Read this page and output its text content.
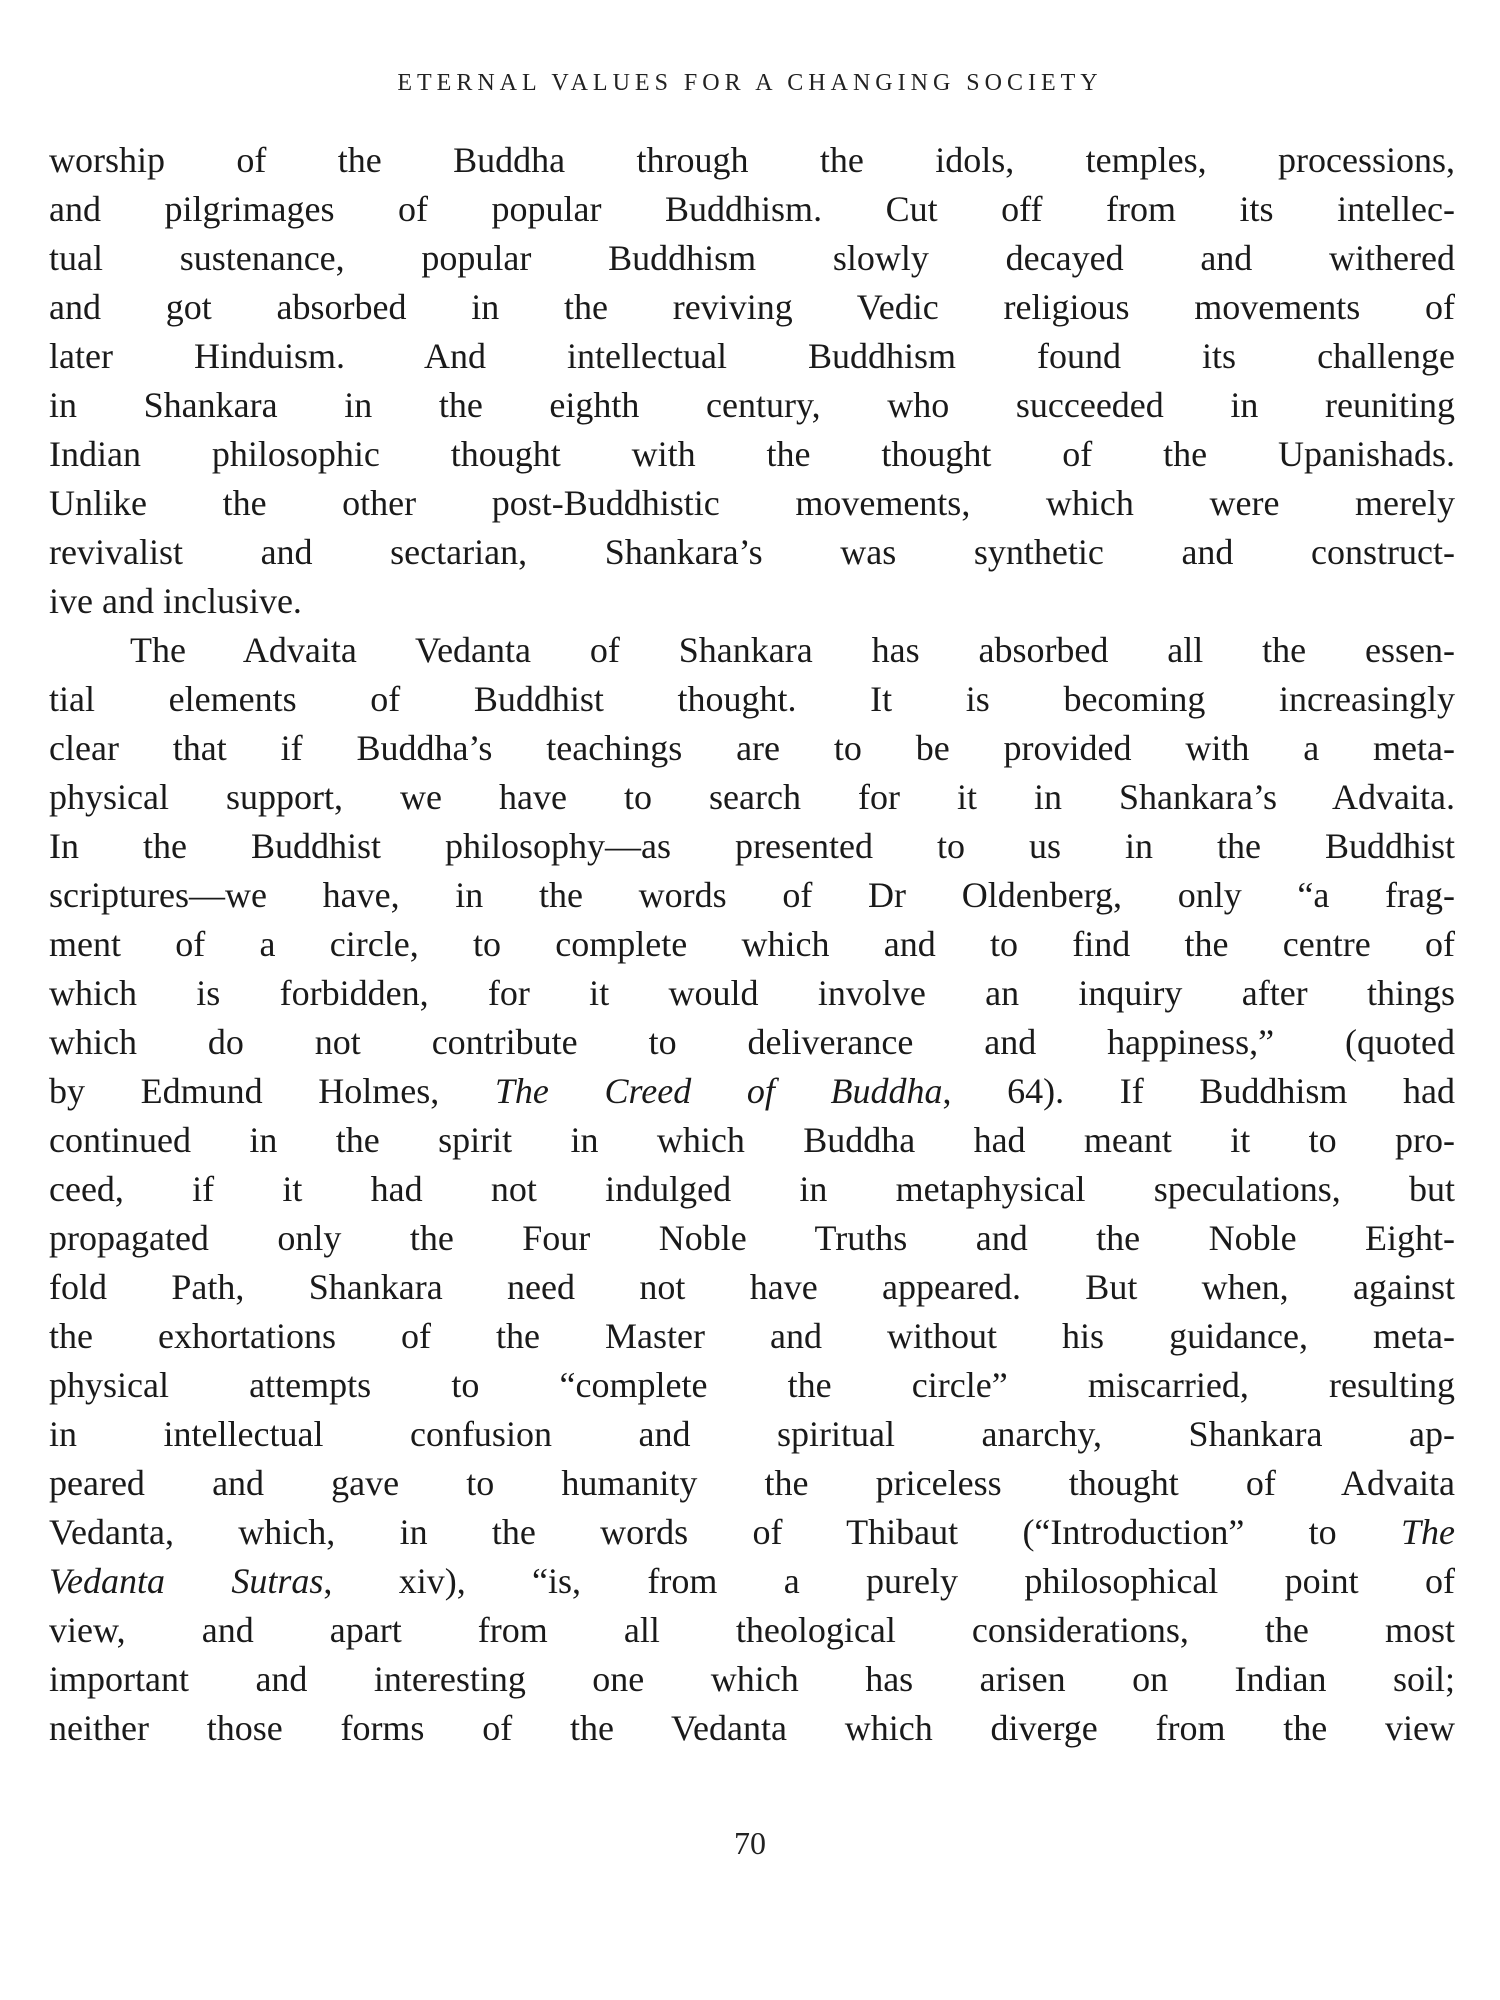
ETERNAL VALUES FOR A CHANGING SOCIETY
worship of the Buddha through the idols, temples, processions,
and pilgrimages of popular Buddhism. Cut off from its intellec-
tual sustenance, popular Buddhism slowly decayed and withered
and got absorbed in the reviving Vedic religious movements of
later Hinduism. And intellectual Buddhism found its challenge
in Shankara in the eighth century, who succeeded in reuniting
Indian philosophic thought with the thought of the Upanishads.
Unlike the other post-Buddhistic movements, which were merely
revivalist and sectarian, Shankara’s was synthetic and construct-
ive and inclusive.
The Advaita Vedanta of Shankara has absorbed all the essen-
tial elements of Buddhist thought. It is becoming increasingly
clear that if Buddha’s teachings are to be provided with a meta-
physical support, we have to search for it in Shankara’s Advaita.
In the Buddhist philosophy—as presented to us in the Buddhist
scriptures—we have, in the words of Dr Oldenberg, only “a frag-
ment of a circle, to complete which and to find the centre of
which is forbidden, for it would involve an inquiry after things
which do not contribute to deliverance and happiness,” (quoted
by Edmund Holmes, The Creed of Buddha, 64). If Buddhism had
continued in the spirit in which Buddha had meant it to pro-
ceed, if it had not indulged in metaphysical speculations, but
propagated only the Four Noble Truths and the Noble Eight-
fold Path, Shankara need not have appeared. But when, against
the exhortations of the Master and without his guidance, meta-
physical attempts to “complete the circle” miscarried, resulting
in intellectual confusion and spiritual anarchy, Shankara ap-
peared and gave to humanity the priceless thought of Advaita
Vedanta, which, in the words of Thibaut (“Introduction” to The
Vedanta Sutras, xiv), “is, from a purely philosophical point of
view, and apart from all theological considerations, the most
important and interesting one which has arisen on Indian soil;
neither those forms of the Vedanta which diverge from the view
70
